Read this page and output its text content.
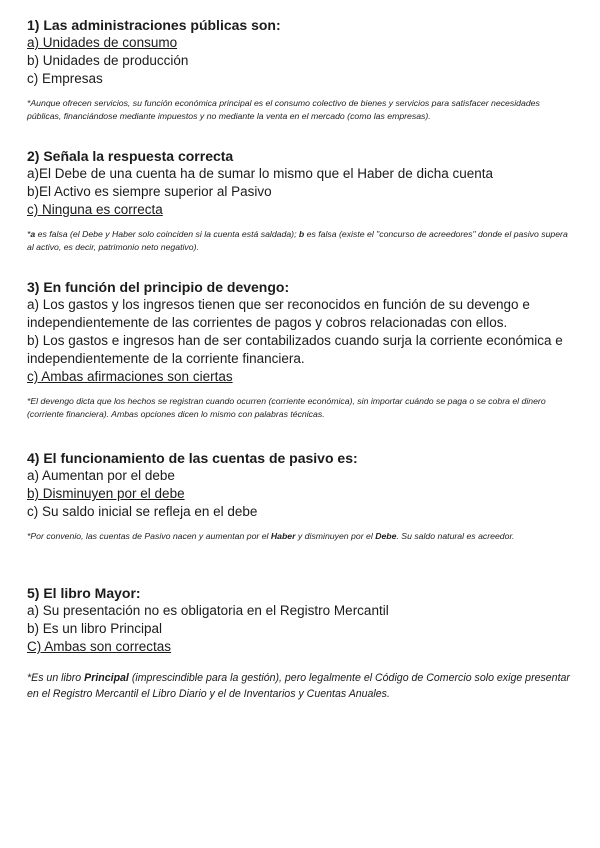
1) Las administraciones públicas son:
a) Unidades de consumo
b) Unidades de producción
c) Empresas
*Aunque ofrecen servicios, su función económica principal es el consumo colectivo de bienes y servicios para satisfacer necesidades públicas, financiándose mediante impuestos y no mediante la venta en el mercado (como las empresas).
2) Señala la respuesta correcta
a)El Debe de una cuenta ha de sumar lo mismo que el Haber de dicha cuenta
b)El Activo es siempre superior al Pasivo
c) Ninguna es correcta
*a es falsa (el Debe y Haber solo coinciden si la cuenta está saldada); b es falsa (existe el "concurso de acreedores" donde el pasivo supera al activo, es decir, patrimonio neto negativo).
3) En función del principio de devengo:
a) Los gastos y los ingresos tienen que ser reconocidos en función de su devengo e independientemente de las corrientes de pagos y cobros relacionadas con ellos.
b) Los gastos e ingresos han de ser contabilizados cuando surja la corriente económica e independientemente de la corriente financiera.
c) Ambas afirmaciones son ciertas
*El devengo dicta que los hechos se registran cuando ocurren (corriente económica), sin importar cuándo se paga o se cobra el dinero (corriente financiera). Ambas opciones dicen lo mismo con palabras técnicas.
4) El funcionamiento de las cuentas de pasivo es:
a) Aumentan por el debe
b) Disminuyen por el debe
c) Su saldo inicial se refleja en el debe
*Por convenio, las cuentas de Pasivo nacen y aumentan por el Haber y disminuyen por el Debe. Su saldo natural es acreedor.
5) El libro Mayor:
a) Su presentación no es obligatoria en el Registro Mercantil
b) Es un libro Principal
C) Ambas son correctas
*Es un libro Principal (imprescindible para la gestión), pero legalmente el Código de Comercio solo exige presentar en el Registro Mercantil el Libro Diario y el de Inventarios y Cuentas Anuales.
